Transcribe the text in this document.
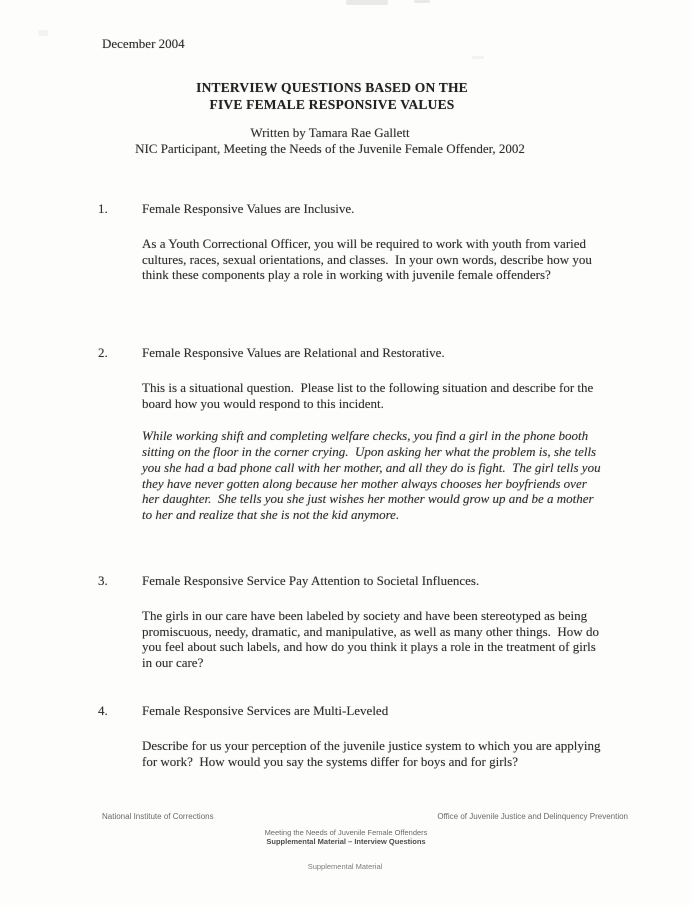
December 2004
INTERVIEW QUESTIONS BASED ON THE
FIVE FEMALE RESPONSIVE VALUES
Written by Tamara Rae Gallett
NIC Participant, Meeting the Needs of the Juvenile Female Offender, 2002
1.	Female Responsive Values are Inclusive.

As a Youth Correctional Officer, you will be required to work with youth from varied cultures, races, sexual orientations, and classes.  In your own words, describe how you think these components play a role in working with juvenile female offenders?

2.	Female Responsive Values are Relational and Restorative.

This is a situational question.  Please list to the following situation and describe for the board how you would respond to this incident.

While working shift and completing welfare checks, you find a girl in the phone booth sitting on the floor in the corner crying.  Upon asking her what the problem is, she tells you she had a bad phone call with her mother, and all they do is fight.  The girl tells you they have never gotten along because her mother always chooses her boyfriends over her daughter.  She tells you she just wishes her mother would grow up and be a mother to her and realize that she is not the kid anymore.

3.	Female Responsive Service Pay Attention to Societal Influences.

The girls in our care have been labeled by society and have been stereotyped as being promiscuous, needy, dramatic, and manipulative, as well as many other things.  How do you feel about such labels, and how do you think it plays a role in the treatment of girls in our care?

4.	Female Responsive Services are Multi-Leveled

Describe for us your perception of the juvenile justice system to which you are applying for work?  How would you say the systems differ for boys and for girls?

National Institute of Corrections	Office of Juvenile Justice and Delinquency Prevention
Meeting the Needs of Juvenile Female Offenders
Supplemental Material – Interview Questions
Supplemental Material
